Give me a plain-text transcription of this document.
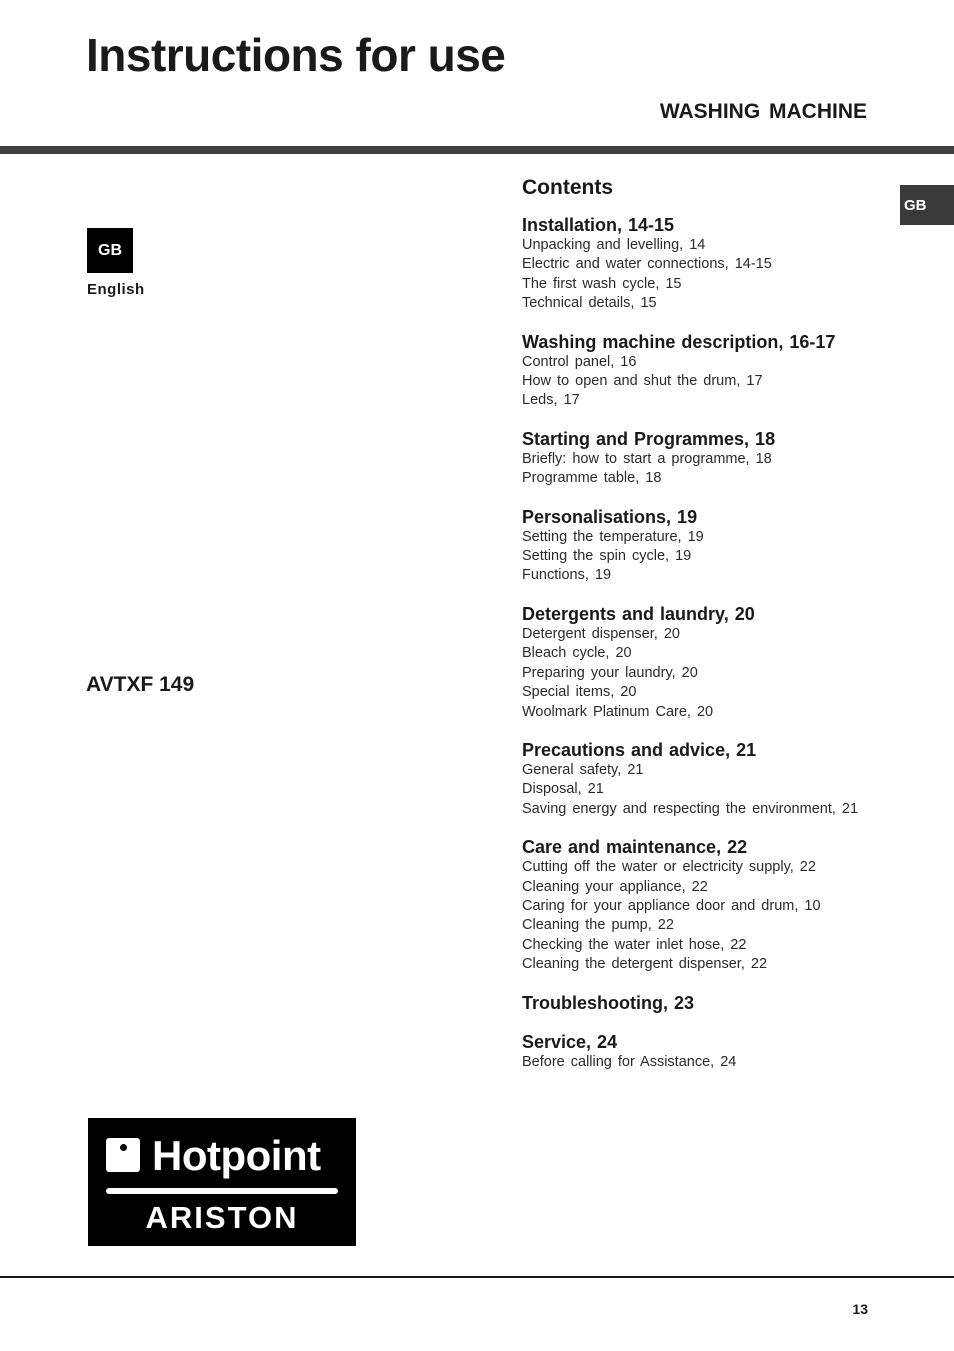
Instructions for use
WASHING MACHINE
GB
English
GB
AVTXF 149
Contents
Installation, 14-15
Unpacking and levelling, 14
Electric and water connections, 14-15
The first wash cycle, 15
Technical details, 15
Washing machine description, 16-17
Control panel, 16
How to open and shut the drum, 17
Leds, 17
Starting and Programmes, 18
Briefly: how to start a programme, 18
Programme table, 18
Personalisations, 19
Setting the temperature, 19
Setting the spin cycle, 19
Functions, 19
Detergents and laundry, 20
Detergent dispenser, 20
Bleach cycle, 20
Preparing your laundry, 20
Special items, 20
Woolmark Platinum Care, 20
Precautions and advice, 21
General safety, 21
Disposal, 21
Saving energy and respecting the environment, 21
Care and maintenance, 22
Cutting off the water or electricity supply, 22
Cleaning your appliance, 22
Caring for your appliance door and drum, 10
Cleaning the pump, 22
Checking the water inlet hose, 22
Cleaning the detergent dispenser, 22
Troubleshooting, 23
Service, 24
Before calling for Assistance, 24
Hotpoint
ARISTON
13
